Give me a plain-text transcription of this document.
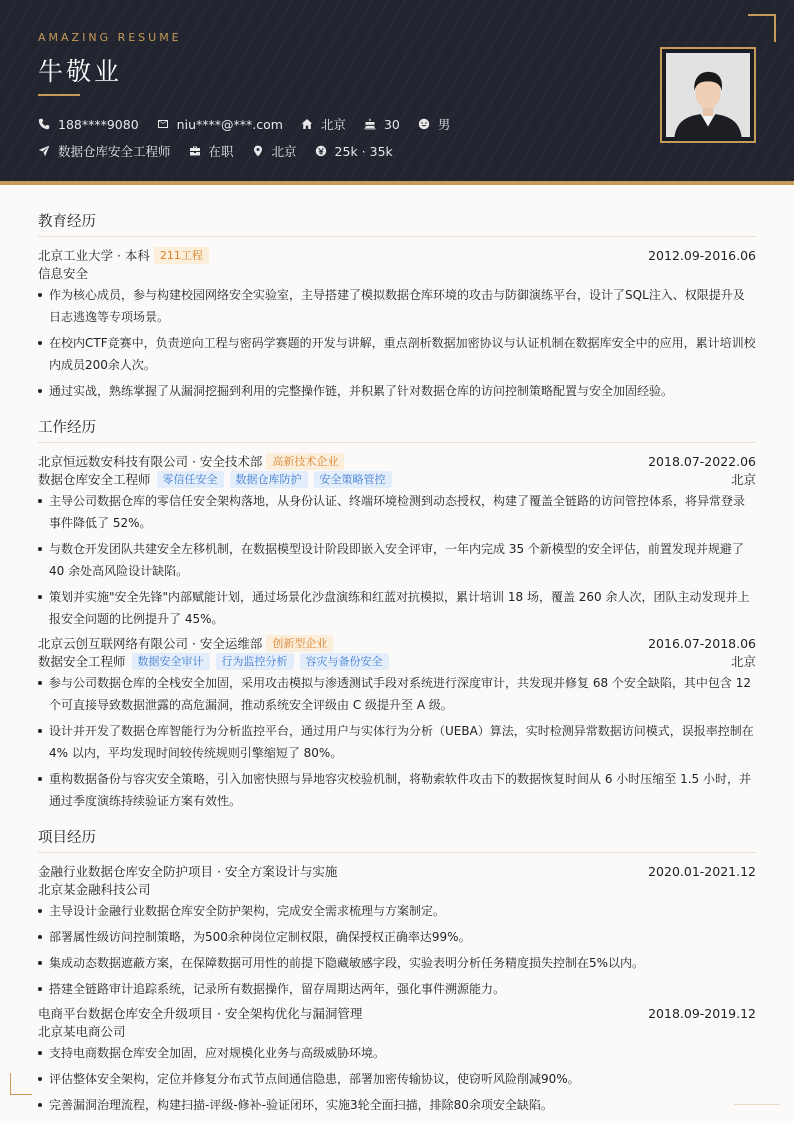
AMAZING RESUME
牛敬业
188****9080	niu****@***.com	北京	30	男
数据仓库安全工程师	在职	北京	25k · 35k
教育经历
北京工业大学 · 本科 211工程	2012.09-2016.06
信息安全
作为核心成员，参与构建校园网络安全实验室，主导搭建了模拟数据仓库环境的攻击与防御演练平台，设计了SQL注入、权限提升及日志逃逸等专项场景。
在校内CTF竞赛中，负责逆向工程与密码学赛题的开发与讲解，重点剖析数据加密协议与认证机制在数据库安全中的应用，累计培训校内成员200余人次。
通过实战，熟练掌握了从漏洞挖掘到利用的完整操作链，并积累了针对数据仓库的访问控制策略配置与安全加固经验。
工作经历
北京恒远数安科技有限公司 · 安全技术部 高新技术企业	2018.07-2022.06
数据仓库安全工程师	零信任安全	数据仓库防护	安全策略管控	北京
主导公司数据仓库的零信任安全架构落地，从身份认证、终端环境检测到动态授权，构建了覆盖全链路的访问管控体系，将异常登录事件降低了 52%。
与数仓开发团队共建安全左移机制，在数据模型设计阶段即嵌入安全评审，一年内完成 35 个新模型的安全评估，前置发现并规避了 40 余处高风险设计缺陷。
策划并实施"安全先锋"内部赋能计划，通过场景化沙盘演练和红蓝对抗模拟，累计培训 18 场，覆盖 260 余人次，团队主动发现并上报安全问题的比例提升了 45%。
北京云创互联网络有限公司 · 安全运维部 创新型企业	2016.07-2018.06
数据安全工程师	数据安全审计	行为监控分析	容灾与备份安全	北京
参与公司数据仓库的全栈安全加固，采用攻击模拟与渗透测试手段对系统进行深度审计，共发现并修复 68 个安全缺陷，其中包含 12 个可直接导致数据泄露的高危漏洞，推动系统安全评级由 C 级提升至 A 级。
设计并开发了数据仓库智能行为分析监控平台，通过用户与实体行为分析（UEBA）算法，实时检测异常数据访问模式，误报率控制在 4% 以内，平均发现时间较传统规则引擎缩短了 80%。
重构数据备份与容灾安全策略，引入加密快照与异地容灾校验机制，将勒索软件攻击下的数据恢复时间从 6 小时压缩至 1.5 小时，并通过季度演练持续验证方案有效性。
项目经历
金融行业数据仓库安全防护项目 · 安全方案设计与实施	2020.01-2021.12
北京某金融科技公司
主导设计金融行业数据仓库安全防护架构，完成安全需求梳理与方案制定。
部署属性级访问控制策略，为500余种岗位定制权限，确保授权正确率达99%。
集成动态数据遮蔽方案，在保障数据可用性的前提下隐藏敏感字段，实验表明分析任务精度损失控制在5%以内。
搭建全链路审计追踪系统，记录所有数据操作，留存周期达两年，强化事件溯源能力。
电商平台数据仓库安全升级项目 · 安全架构优化与漏洞管理	2018.09-2019.12
北京某电商公司
支持电商数据仓库安全加固，应对规模化业务与高级威胁环境。
评估整体安全架构，定位并修复分布式节点间通信隐患，部署加密传输协议，使窃听风险削减90%。
完善漏洞治理流程，构建扫描-评级-修补-验证闭环，实施3轮全面扫描，排除80余项安全缺陷。
